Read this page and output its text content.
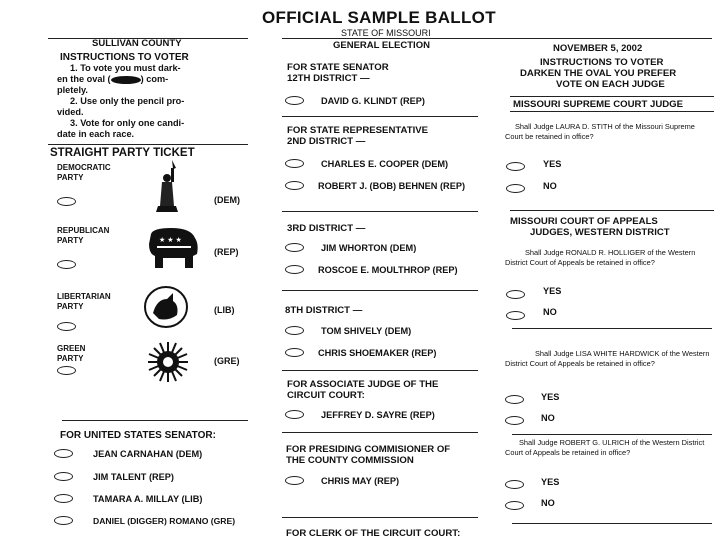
OFFICIAL SAMPLE BALLOT
STATE OF MISSOURI
GENERAL ELECTION
SULLIVAN COUNTY	NOVEMBER 5, 2002
INSTRUCTIONS TO VOTER
1. To vote you must dark-
en the oval (	) com-
pletely.
2. Use only the pencil pro-
vided.
3. Vote for only one candi-
date in each race.
STRAIGHT PARTY TICKET
DEMOCRATIC
PARTY
(DEM)
REPUBLICAN
PARTY	★ ★ ★
(REP)
LIBERTARIAN
PARTY	(LIB)
GREEN
PARTY	(GRE)
FOR UNITED STATES SENATOR:
JEAN CARNAHAN (DEM)
JIM TALENT (REP)
TAMARA A. MILLAY (LIB)
DANIEL (DIGGER) ROMANO (GRE)
FOR STATE SENATOR
12TH DISTRICT —
DAVID G. KLINDT (REP)
FOR STATE REPRESENTATIVE
2ND DISTRICT —
CHARLES E. COOPER (DEM)
ROBERT J. (BOB) BEHNEN (REP)
3RD DISTRICT —
JIM WHORTON (DEM)
ROSCOE E. MOULTHROP (REP)
8TH DISTRICT —
TOM SHIVELY (DEM)
CHRIS SHOEMAKER (REP)
FOR ASSOCIATE JUDGE OF THE
CIRCUIT COURT:
JEFFREY D. SAYRE (REP)
FOR PRESIDING COMMISIONER OF
THE COUNTY COMMISSION
CHRIS MAY (REP)
FOR CLERK OF THE CIRCUIT COURT:
INSTRUCTIONS TO VOTER
DARKEN THE OVAL YOU PREFER
VOTE ON EACH JUDGE
MISSOURI SUPREME COURT JUDGE
Shall Judge LAURA D. STITH of the Missouri Supreme Court be retained in office?
YES
NO
MISSOURI COURT OF APPEALS
JUDGES, WESTERN DISTRICT
Shall Judge RONALD R. HOLLIGER of the Western District Court of Appeals be retained in office?
YES
NO
Shall Judge LISA WHITE HARDWICK of the Western District Court of Appeals be retained in office?
YES
NO
Shall Judge ROBERT G. ULRICH of the Western District Court of Appeals be retained in office?
YES
NO
